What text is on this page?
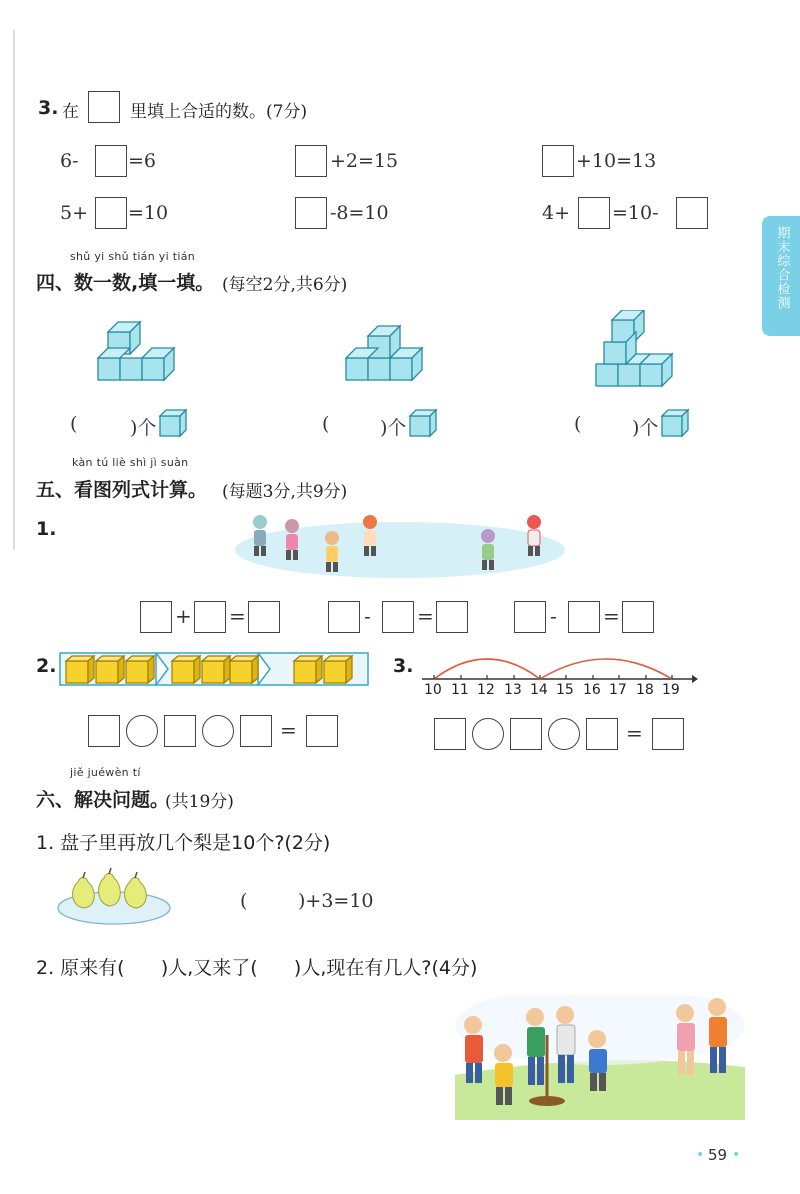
期末综合检测
3. 在	里填上合适的数。(7分)
6-	=6	+2=15	+10=13
5+ =10	-8=10	4+ =10-
shǔ yi shǔ tián yi tián
四、数一数,填一填。 (每空2分,共6分)
(	)个	(	)个	(	)个
kàn tú liè shì jì suàn
五、看图列式计算。 (每题3分,共9分)
1.
+ =	- =	- =
2.	3.
10 11 12 13 14 15 16 17 18 19
=	=
jiě juéwèn tí
六、解决问题。
(共19分)
1. 盘子里再放几个梨是10个?(2分)
(	)+3=10
2. 原来有(      )人,又来了(      )人,现在有几人?(4分)
• 59 •
